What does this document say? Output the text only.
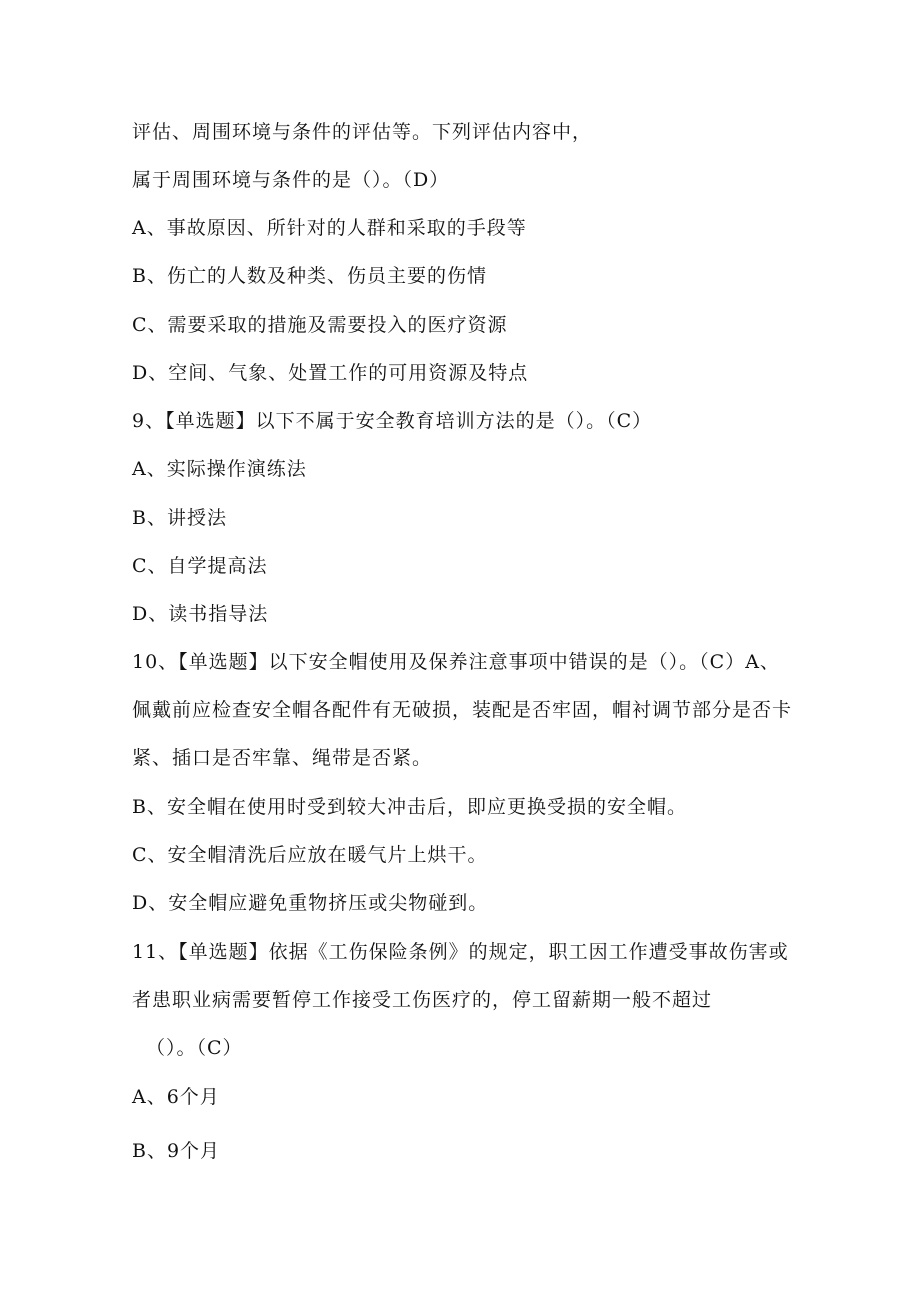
评估、周围环境与条件的评估等。下列评估内容中，
属于周围环境与条件的是（）。（D）
A、事故原因、所针对的人群和采取的手段等
B、伤亡的人数及种类、伤员主要的伤情
C、需要采取的措施及需要投入的医疗资源
D、空间、气象、处置工作的可用资源及特点
9、【单选题】以下不属于安全教育培训方法的是（）。（C）
A、实际操作演练法
B、讲授法
C、自学提高法
D、读书指导法
10、【单选题】以下安全帽使用及保养注意事项中错误的是（）。（C）A、
佩戴前应检查安全帽各配件有无破损，装配是否牢固，帽衬调节部分是否卡
紧、插口是否牢靠、绳带是否紧。
B、安全帽在使用时受到较大冲击后，即应更换受损的安全帽。
C、安全帽清洗后应放在暖气片上烘干。
D、安全帽应避免重物挤压或尖物碰到。
11、【单选题】依据《工伤保险条例》的规定，职工因工作遭受事故伤害或
者患职业病需要暂停工作接受工伤医疗的，停工留薪期一般不超过
（）。（C）
A、6个月
B、9个月
